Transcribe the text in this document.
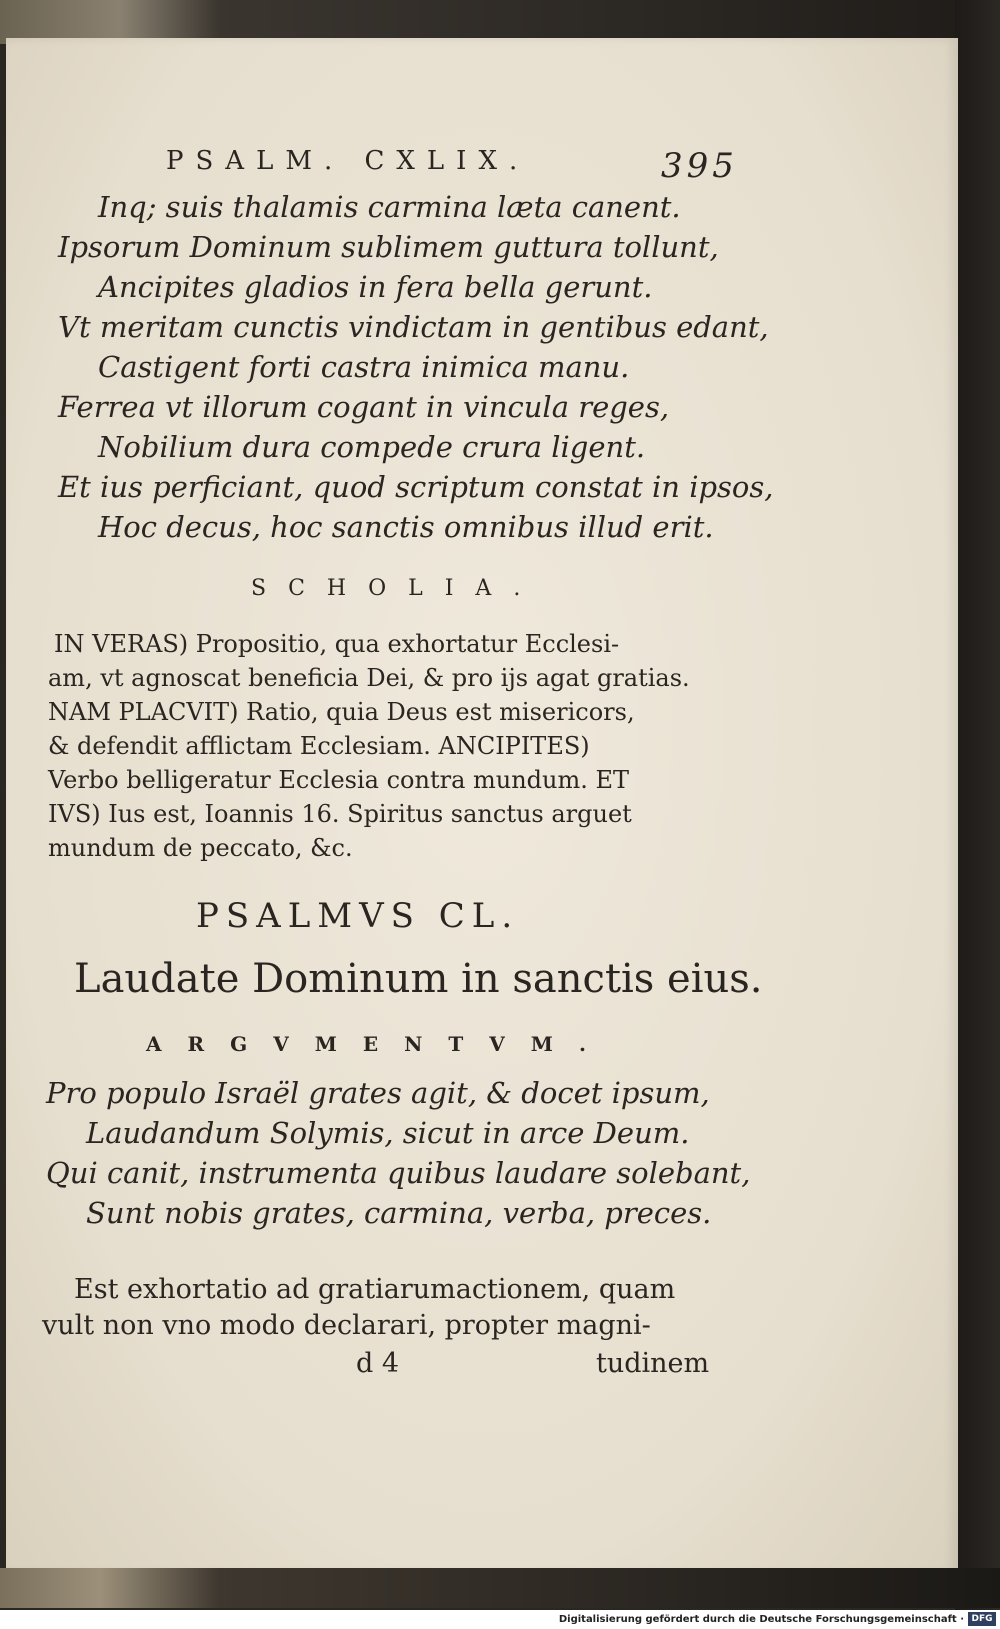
PSALM. CXLIX.	395
Inq; suis thalamis carmina læta canent.
Ipsorum Dominum sublimem guttura tollunt,
Ancipites gladios in fera bella gerunt.
Vt meritam cunctis vindictam in gentibus edant,
Castigent forti castra inimica manu.
Ferrea vt illorum cogant in vincula reges,
Nobilium dura compede crura ligent.
Et ius perficiant, quod scriptum constat in ipsos,
Hoc decus, hoc sanctis omnibus illud erit.
SCHOLIA.
IN VERAS) Propositio, qua exhortatur Ecclesi-
am, vt agnoscat beneficia Dei, & pro ijs agat gratias.
NAM PLACVIT) Ratio, quia Deus est misericors,
& defendit afflictam Ecclesiam. ANCIPITES)
Verbo belligeratur Ecclesia contra mundum. ET
IVS) Ius est, Ioannis 16. Spiritus sanctus arguet
mundum de peccato, &c.
PSALMVS CL.
Laudate Dominum in sanctis eius.
ARGVMENTVM.
Pro populo Israël grates agit, & docet ipsum,
Laudandum Solymis, sicut in arce Deum.
Qui canit, instrumenta quibus laudare solebant,
Sunt nobis grates, carmina, verba, preces.
Est exhortatio ad gratiarumactionem, quam
vult non vno modo declarari, propter magni-
d 4	tudinem
Digitalisierung gefördert durch die Deutsche Forschungsgemeinschaft · DFG
